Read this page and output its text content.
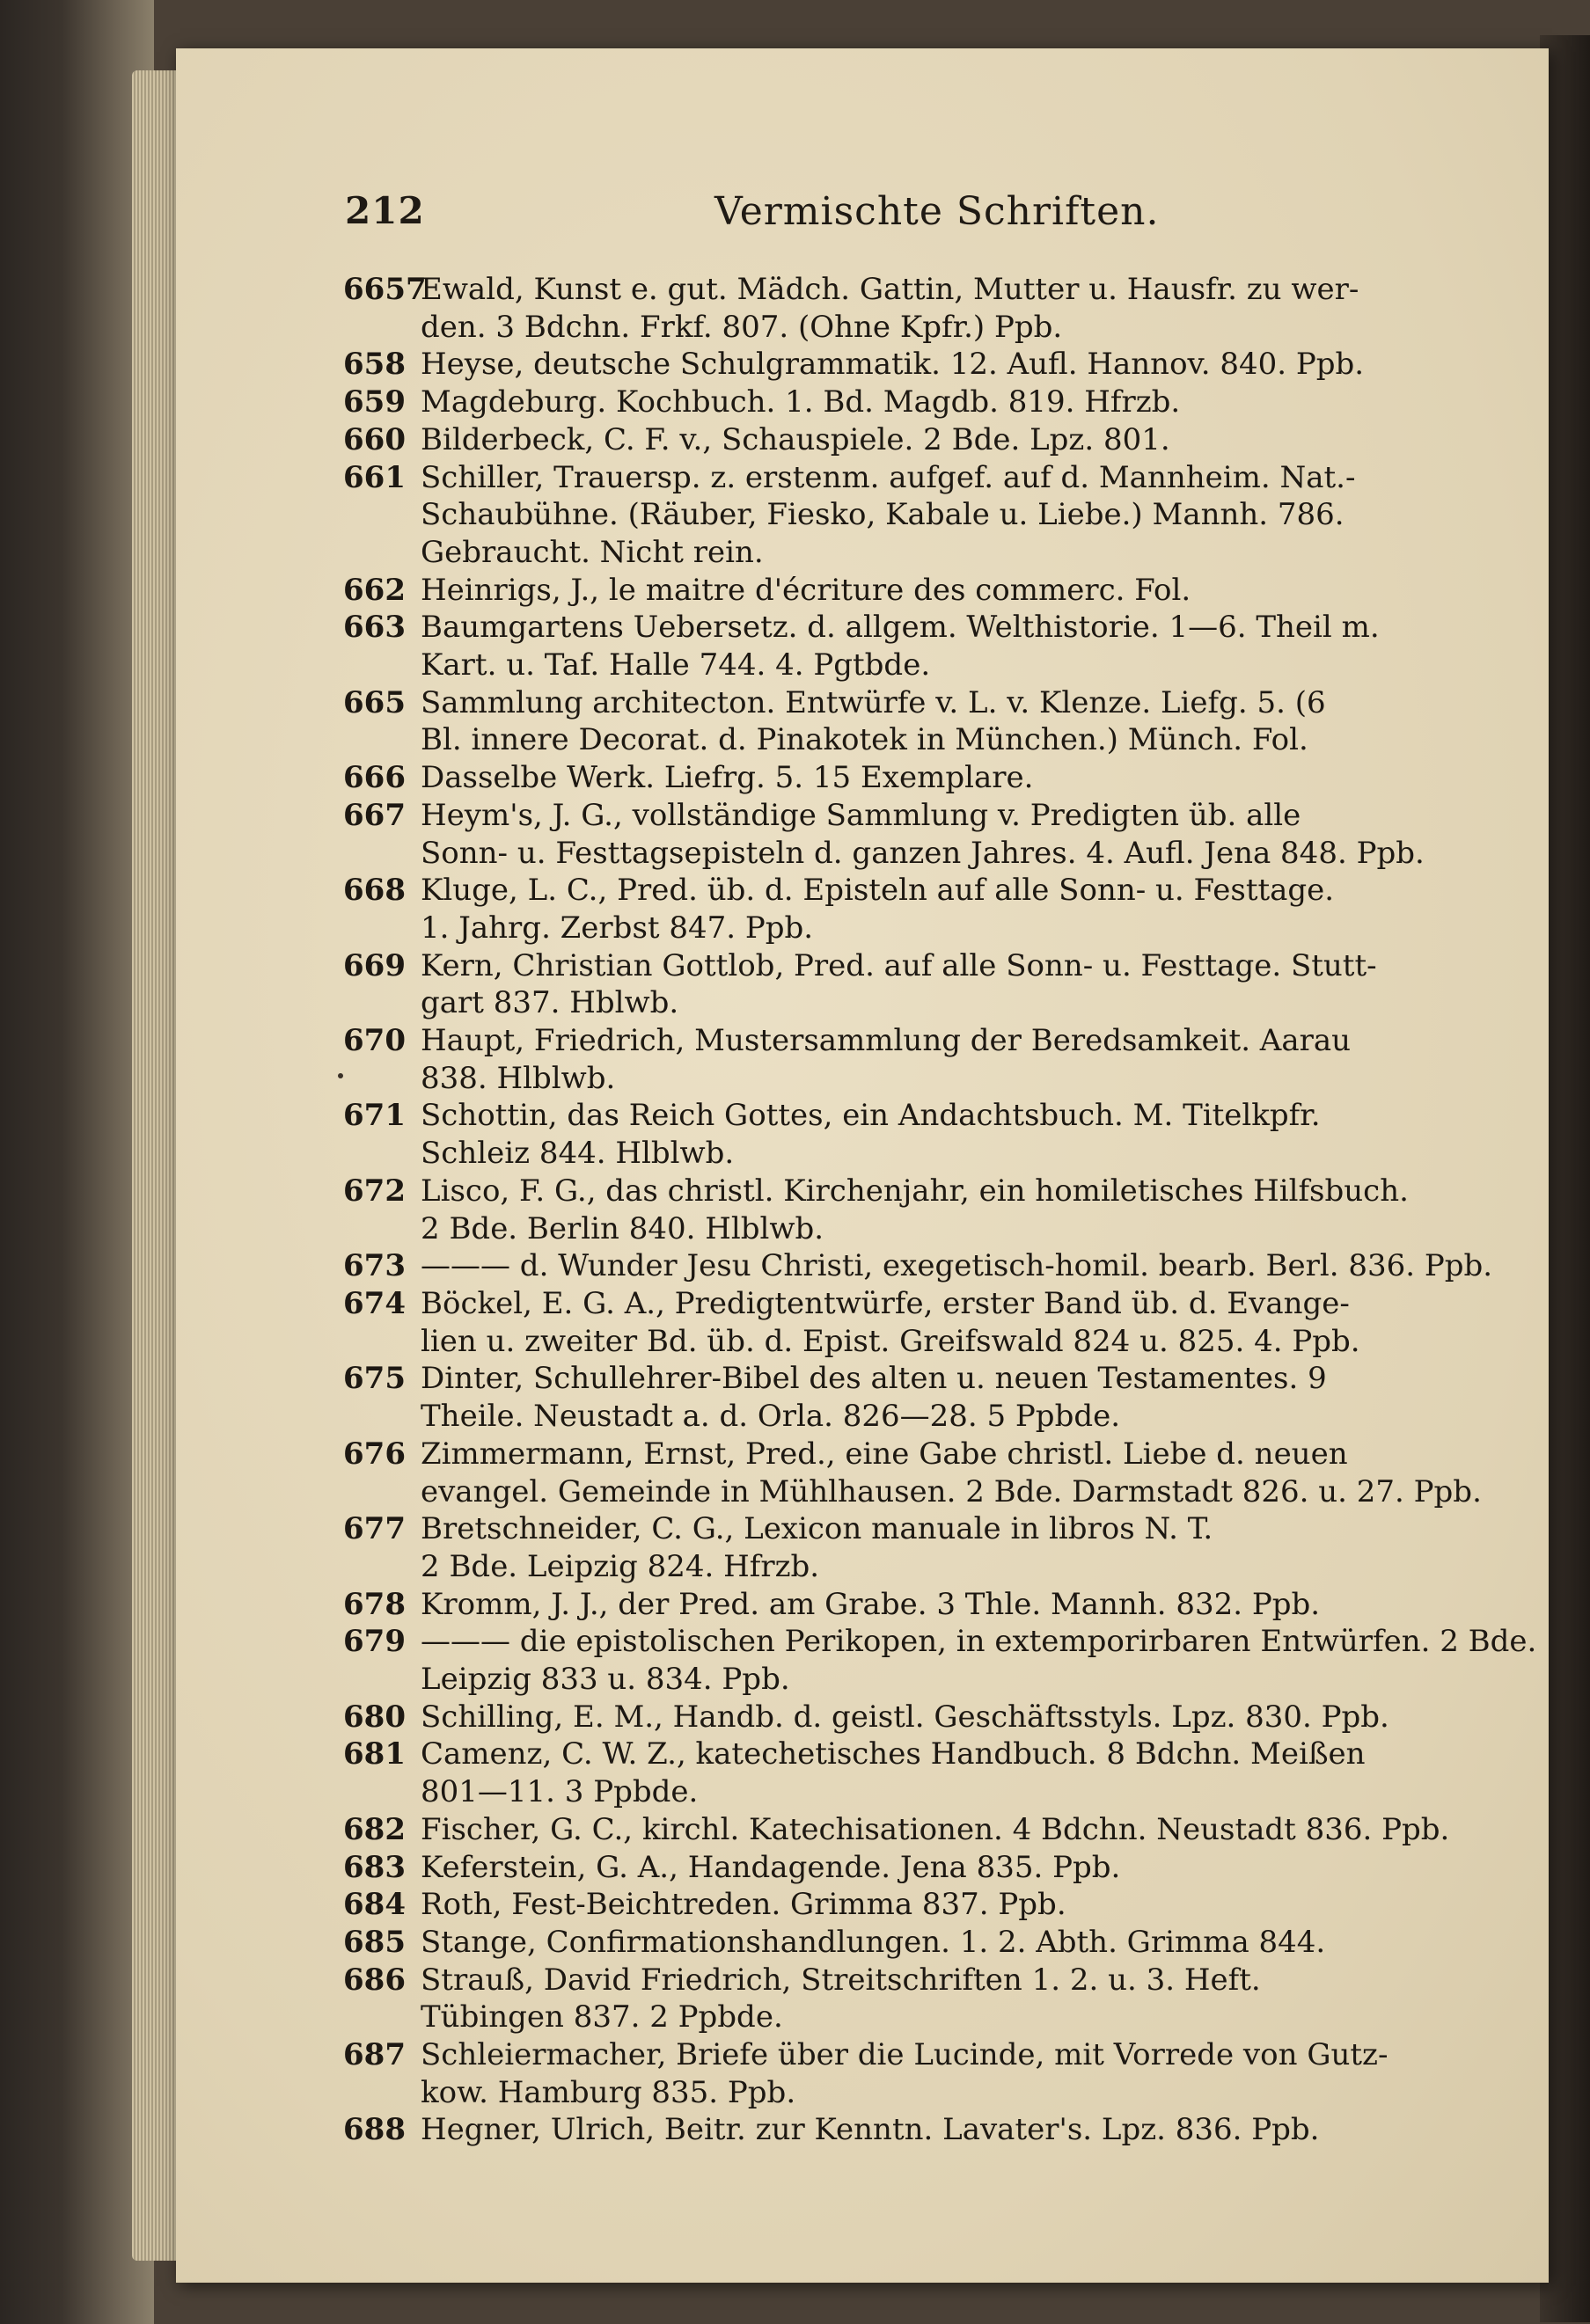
212	Vermischte Schriften.
6657
Ewald, Kunst e. gut. Mädch. Gattin, Mutter u. Hausfr. zu wer-
den. 3 Bdchn. Frkf. 807. (Ohne Kpfr.) Ppb.
658 Heyse, deutsche Schulgrammatik. 12. Aufl. Hannov. 840. Ppb.
659 Magdeburg. Kochbuch. 1. Bd. Magdb. 819. Hfrzb.
660 Bilderbeck, C. F. v., Schauspiele. 2 Bde. Lpz. 801.
661 Schiller, Trauersp. z. erstenm. aufgef. auf d. Mannheim. Nat.-
Schaubühne. (Räuber, Fiesko, Kabale u. Liebe.) Mannh. 786.
Gebraucht. Nicht rein.
662 Heinrigs, J., le maitre d'écriture des commerc. Fol.
663 Baumgartens Uebersetz. d. allgem. Welthistorie. 1—6. Theil m.
Kart. u. Taf. Halle 744. 4. Pgtbde.
665 Sammlung architecton. Entwürfe v. L. v. Klenze. Liefg. 5. (6
Bl. innere Decorat. d. Pinakotek in München.) Münch. Fol.
666 Dasselbe Werk. Liefrg. 5. 15 Exemplare.
667 Heym's, J. G., vollständige Sammlung v. Predigten üb. alle
Sonn- u. Festtagsepisteln d. ganzen Jahres. 4. Aufl. Jena 848. Ppb.
668 Kluge, L. C., Pred. üb. d. Episteln auf alle Sonn- u. Festtage.
1. Jahrg. Zerbst 847. Ppb.
669 Kern, Christian Gottlob, Pred. auf alle Sonn- u. Festtage. Stutt-
gart 837. Hblwb.
670 Haupt, Friedrich, Mustersammlung der Beredsamkeit. Aarau
838. Hlblwb.
671 Schottin, das Reich Gottes, ein Andachtsbuch. M. Titelkpfr.
Schleiz 844. Hlblwb.
672 Lisco, F. G., das christl. Kirchenjahr, ein homiletisches Hilfsbuch.
2 Bde. Berlin 840. Hlblwb.
673 ——— d. Wunder Jesu Christi, exegetisch-homil. bearb. Berl. 836. Ppb.
674 Böckel, E. G. A., Predigtentwürfe, erster Band üb. d. Evange-
lien u. zweiter Bd. üb. d. Epist. Greifswald 824 u. 825. 4. Ppb.
675 Dinter, Schullehrer-Bibel des alten u. neuen Testamentes. 9
Theile. Neustadt a. d. Orla. 826—28. 5 Ppbde.
676 Zimmermann, Ernst, Pred., eine Gabe christl. Liebe d. neuen
evangel. Gemeinde in Mühlhausen. 2 Bde. Darmstadt 826. u. 27. Ppb.
677 Bretschneider, C. G., Lexicon manuale in libros N. T.
2 Bde. Leipzig 824. Hfrzb.
678 Kromm, J. J., der Pred. am Grabe. 3 Thle. Mannh. 832. Ppb.
679 ——— die epistolischen Perikopen, in extemporirbaren Entwürfen. 2 Bde.
Leipzig 833 u. 834. Ppb.
680 Schilling, E. M., Handb. d. geistl. Geschäftsstyls. Lpz. 830. Ppb.
681 Camenz, C. W. Z., katechetisches Handbuch. 8 Bdchn. Meißen
801—11. 3 Ppbde.
682 Fischer, G. C., kirchl. Katechisationen. 4 Bdchn. Neustadt 836. Ppb.
683 Keferstein, G. A., Handagende. Jena 835. Ppb.
684 Roth, Fest-Beichtreden. Grimma 837. Ppb.
685 Stange, Confirmationshandlungen. 1. 2. Abth. Grimma 844.
686 Strauß, David Friedrich, Streitschriften 1. 2. u. 3. Heft.
Tübingen 837. 2 Ppbde.
687 Schleiermacher, Briefe über die Lucinde, mit Vorrede von Gutz-
kow. Hamburg 835. Ppb.
688 Hegner, Ulrich, Beitr. zur Kenntn. Lavater's. Lpz. 836. Ppb.
